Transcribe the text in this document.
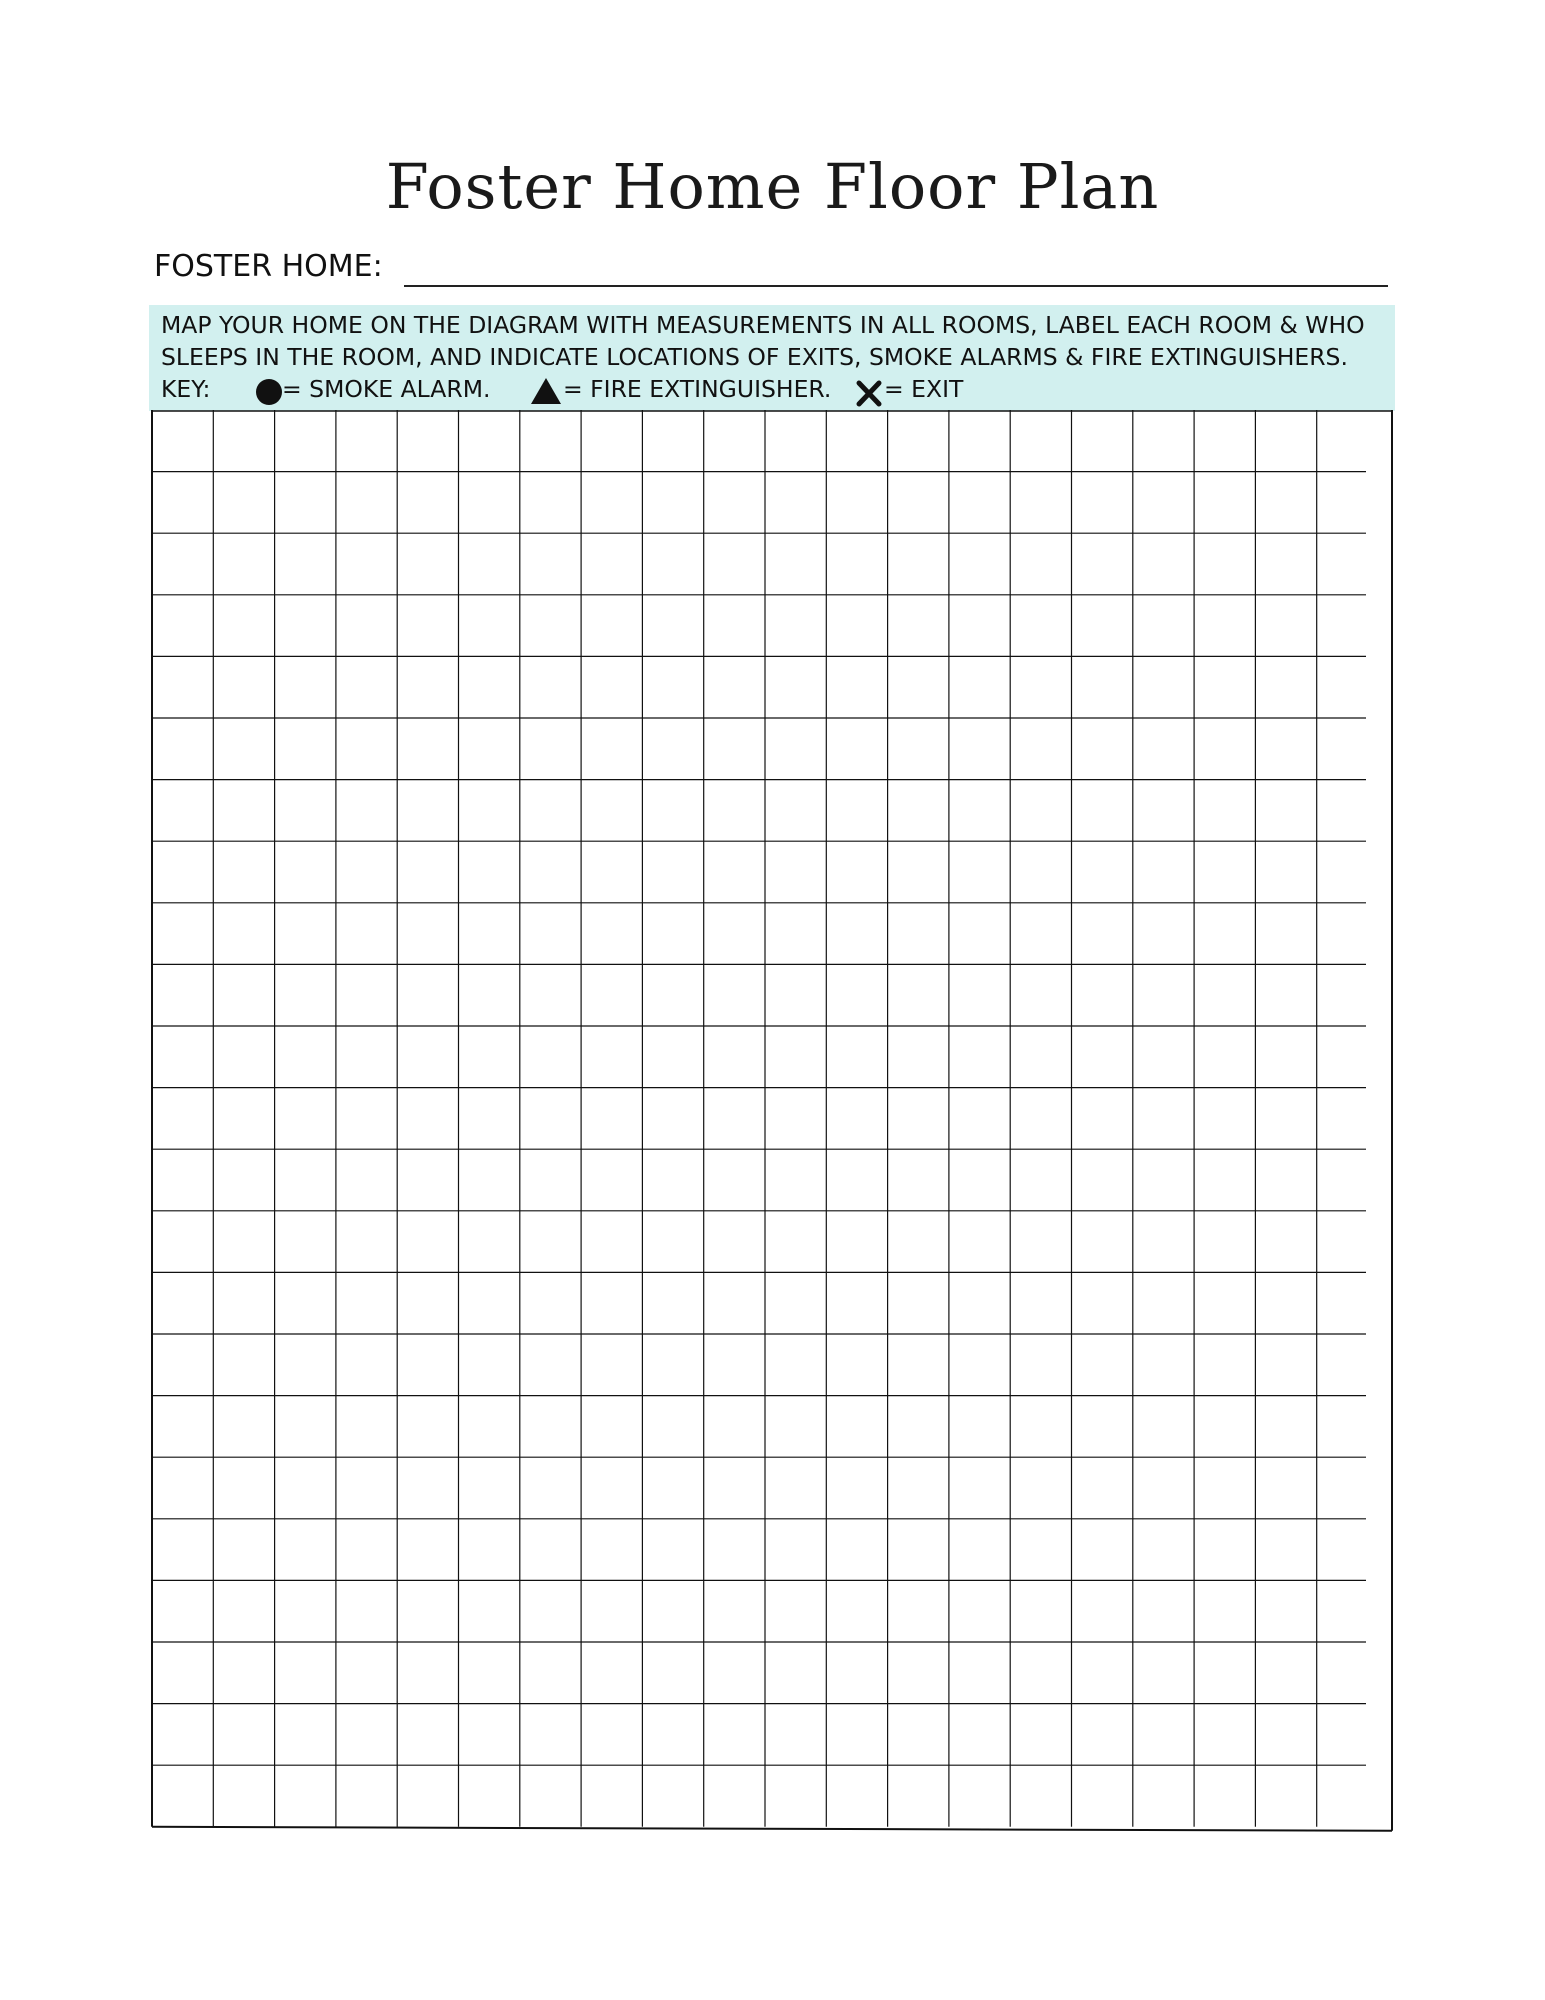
Foster Home Floor Plan
FOSTER HOME:
MAP YOUR HOME ON THE DIAGRAM WITH MEASUREMENTS IN ALL ROOMS, LABEL EACH ROOM & WHO
SLEEPS IN THE ROOM, AND INDICATE LOCATIONS OF EXITS, SMOKE ALARMS & FIRE EXTINGUISHERS.
KEY:	= SMOKE ALARM.	= FIRE EXTINGUISHER. = EXIT
